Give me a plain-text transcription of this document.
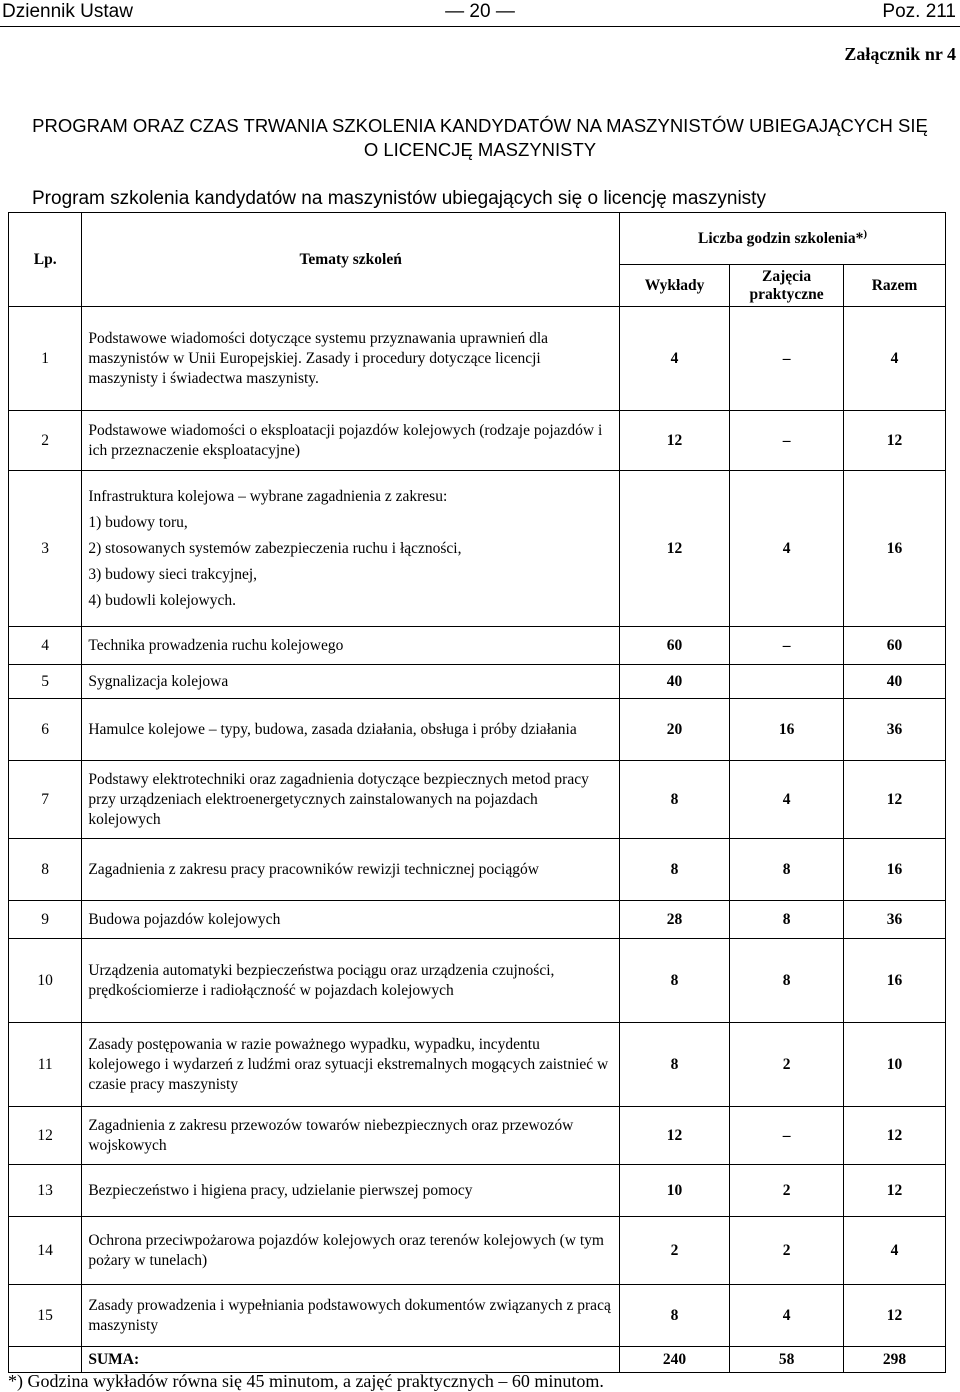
Dziennik Ustaw	— 20 —	Poz. 211
Załącznik nr 4
PROGRAM ORAZ CZAS TRWANIA SZKOLENIA KANDYDATÓW NA MASZYNISTÓW UBIEGAJĄCYCH SIĘ
O LICENCJĘ MASZYNISTY
Program szkolenia kandydatów na maszynistów ubiegających się o licencję maszynisty
Lp.	Tematy szkoleń	Liczba godzin szkolenia*)
		Wykłady	Zajęcia praktyczne	Razem
1	Podstawowe wiadomości dotyczące systemu przyznawania uprawnień dla maszynistów w Unii Europejskiej. Zasady i procedury dotyczące licencji maszynisty i świadectwa maszynisty.	4	–	4
2	Podstawowe wiadomości o eksploatacji pojazdów kolejowych (rodzaje pojazdów i ich przeznaczenie eksploatacyjne)	12	–	12
3	Infrastruktura kolejowa – wybrane zagadnienia z zakresu:
1) budowy toru,
2) stosowanych systemów zabezpieczenia ruchu i łączności,
3) budowy sieci trakcyjnej,
4) budowli kolejowych.	12	4	16
4	Technika prowadzenia ruchu kolejowego	60	–	60
5	Sygnalizacja kolejowa	40		40
6	Hamulce kolejowe – typy, budowa, zasada działania, obsługa i próby działania	20	16	36
7	Podstawy elektrotechniki oraz zagadnienia dotyczące bezpiecznych metod pracy przy urządzeniach elektroenergetycznych zainstalowanych na pojazdach kolejowych	8	4	12
8	Zagadnienia z zakresu pracy pracowników rewizji technicznej pociągów	8	8	16
9	Budowa pojazdów kolejowych	28	8	36
10	Urządzenia automatyki bezpieczeństwa pociągu oraz urządzenia czujności, prędkościomierze i radiołączność w pojazdach kolejowych	8	8	16
11	Zasady postępowania w razie poważnego wypadku, wypadku, incydentu kolejowego i wydarzeń z ludźmi oraz sytuacji ekstremalnych mogących zaistnieć w czasie pracy maszynisty	8	2	10
12	Zagadnienia z zakresu przewozów towarów niebezpiecznych oraz przewozów wojskowych	12	–	12
13	Bezpieczeństwo i higiena pracy, udzielanie pierwszej pomocy	10	2	12
14	Ochrona przeciwpożarowa pojazdów kolejowych oraz terenów kolejowych (w tym pożary w tunelach)	2	2	4
15	Zasady prowadzenia i wypełniania podstawowych dokumentów związanych z pracą maszynisty	8	4	12
	SUMA:	240	58	298
*) Godzina wykładów równa się 45 minutom, a zajęć praktycznych – 60 minutom.
